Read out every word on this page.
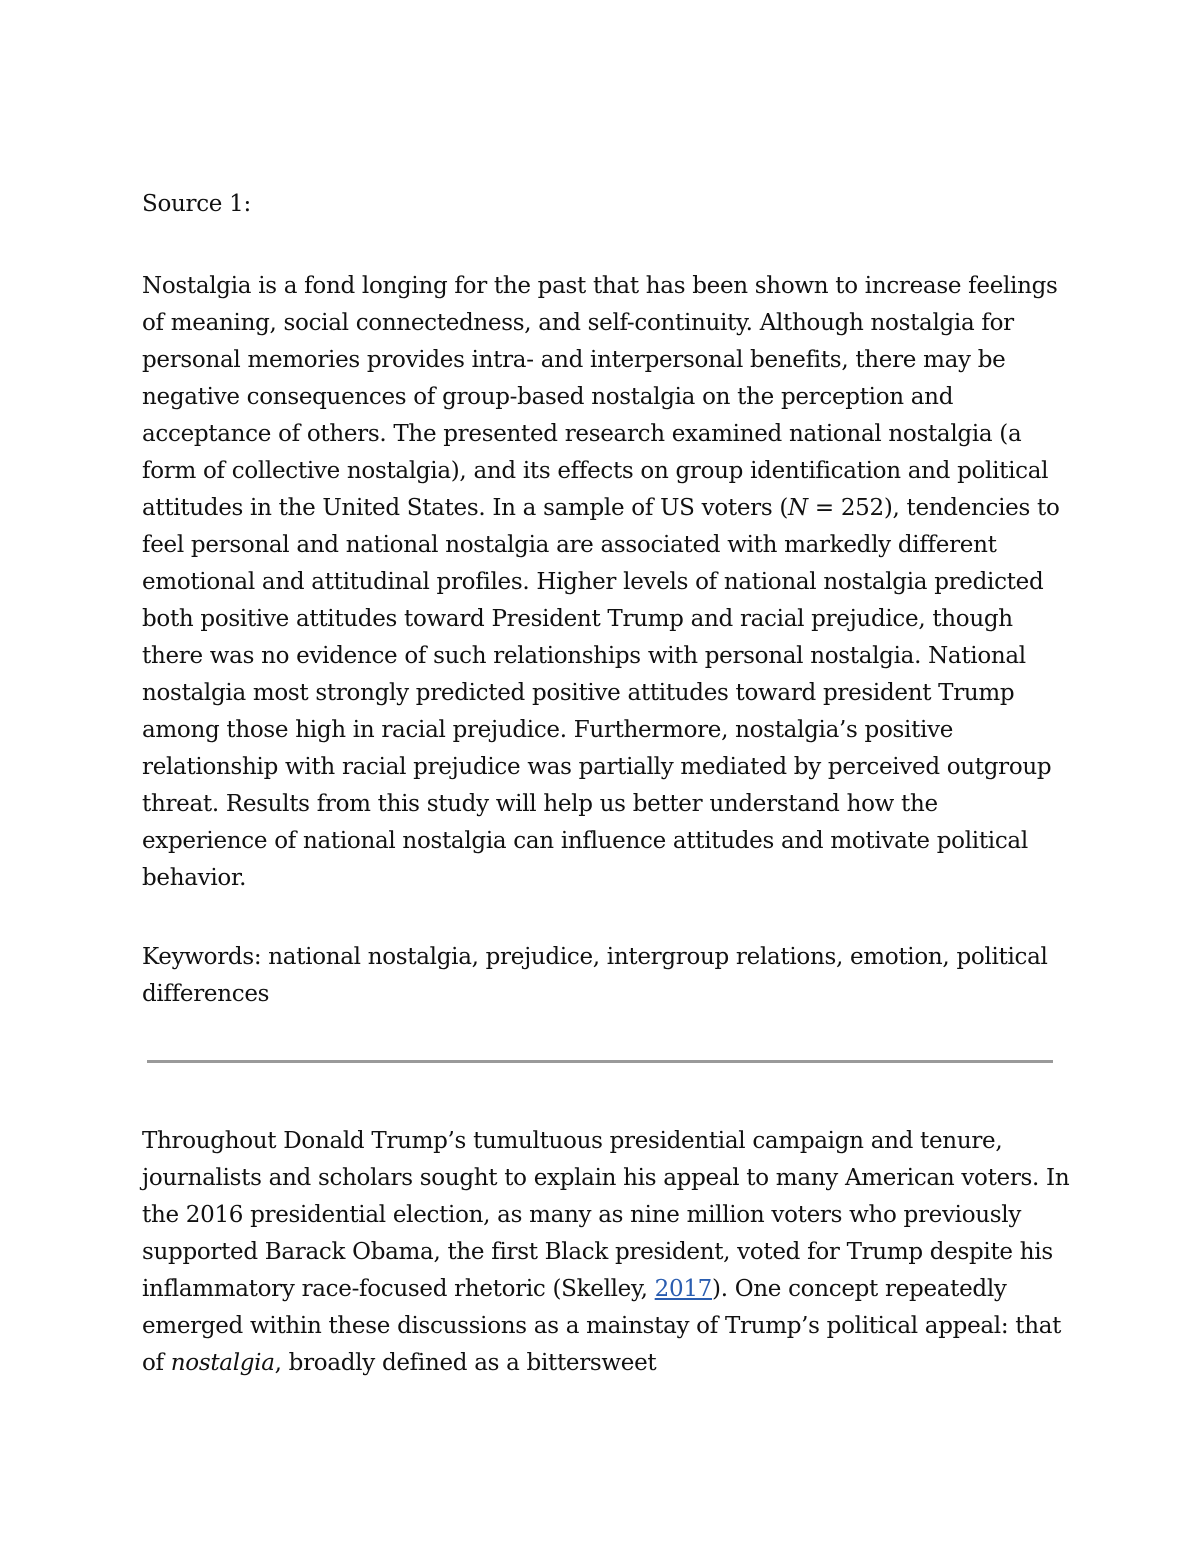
Source 1:

Nostalgia is a fond longing for the past that has been shown to increase feelings of meaning, social connectedness, and self-continuity. Although nostalgia for personal memories provides intra- and interpersonal benefits, there may be negative consequences of group-based nostalgia on the perception and acceptance of others. The presented research examined national nostalgia (a form of collective nostalgia), and its effects on group identification and political attitudes in the United States. In a sample of US voters (N = 252), tendencies to feel personal and national nostalgia are associated with markedly different emotional and attitudinal profiles. Higher levels of national nostalgia predicted both positive attitudes toward President Trump and racial prejudice, though there was no evidence of such relationships with personal nostalgia. National nostalgia most strongly predicted positive attitudes toward president Trump among those high in racial prejudice. Furthermore, nostalgia’s positive relationship with racial prejudice was partially mediated by perceived outgroup threat. Results from this study will help us better understand how the experience of national nostalgia can influence attitudes and motivate political behavior.

Keywords: national nostalgia, prejudice, intergroup relations, emotion, political differences

Throughout Donald Trump’s tumultuous presidential campaign and tenure, journalists and scholars sought to explain his appeal to many American voters. In the 2016 presidential election, as many as nine million voters who previously supported Barack Obama, the first Black president, voted for Trump despite his inflammatory race-focused rhetoric (Skelley, 2017). One concept repeatedly emerged within these discussions as a mainstay of Trump’s political appeal: that of nostalgia, broadly defined as a bittersweet
